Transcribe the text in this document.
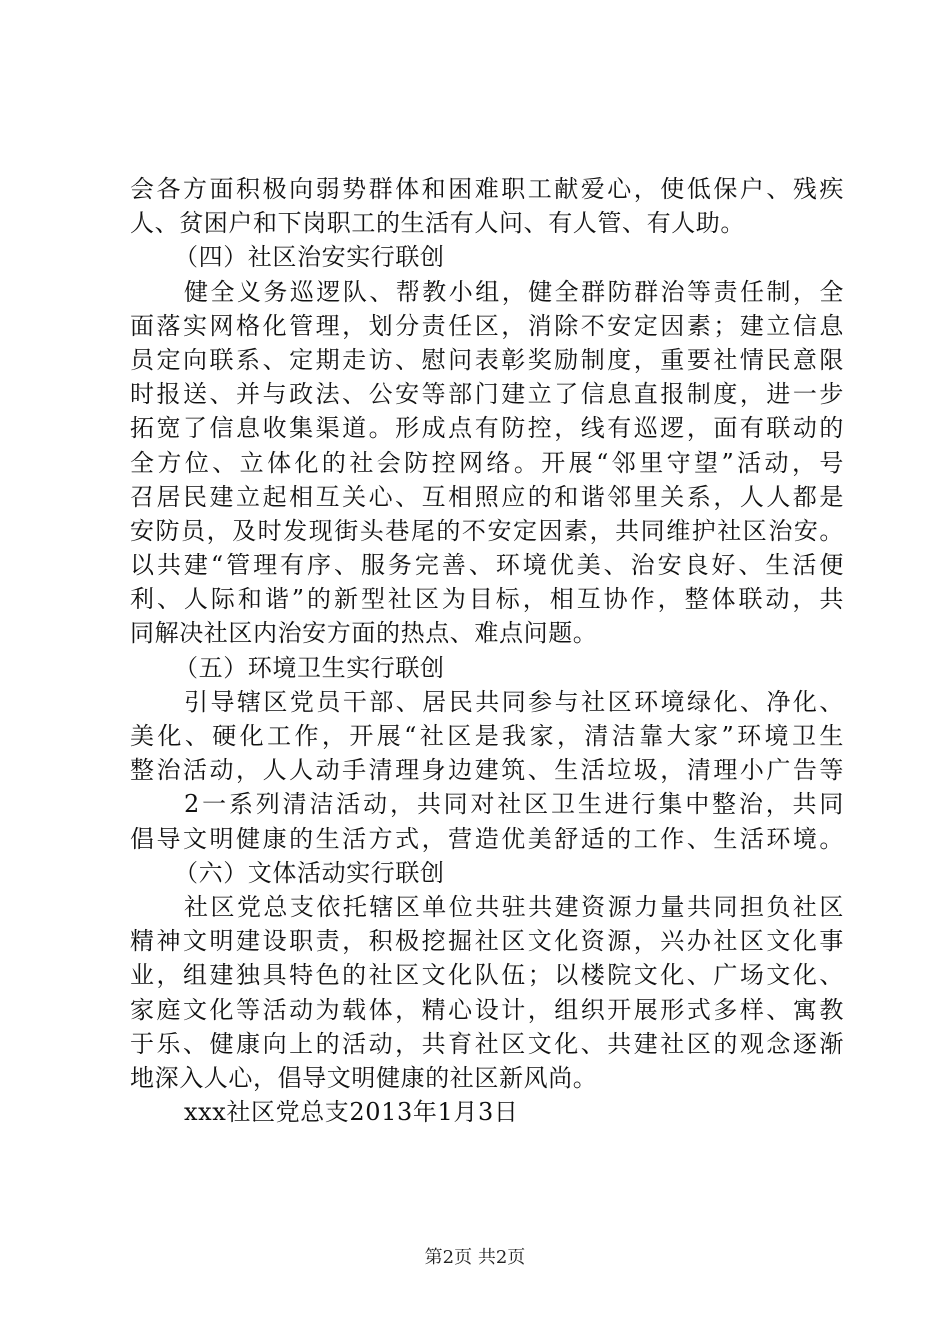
会各方面积极向弱势群体和困难职工献爱心，使低保户、残疾
人、贫困户和下岗职工的生活有人问、有人管、有人助。
（四）社区治安实行联创
健全义务巡逻队、帮教小组，健全群防群治等责任制，全
面落实网格化管理，划分责任区，消除不安定因素；建立信息
员定向联系、定期走访、慰问表彰奖励制度，重要社情民意限
时报送、并与政法、公安等部门建立了信息直报制度，进一步
拓宽了信息收集渠道。形成点有防控，线有巡逻，面有联动的
全方位、立体化的社会防控网络。开展“邻里守望”活动，号
召居民建立起相互关心、互相照应的和谐邻里关系，人人都是
安防员，及时发现街头巷尾的不安定因素，共同维护社区治安。
以共建“管理有序、服务完善、环境优美、治安良好、生活便
利、人际和谐”的新型社区为目标，相互协作，整体联动，共
同解决社区内治安方面的热点、难点问题。
（五）环境卫生实行联创
引导辖区党员干部、居民共同参与社区环境绿化、净化、
美化、硬化工作，开展“社区是我家，清洁靠大家”环境卫生
整治活动，人人动手清理身边建筑、生活垃圾，清理小广告等
2一系列清洁活动，共同对社区卫生进行集中整治，共同
倡导文明健康的生活方式，营造优美舒适的工作、生活环境。
（六）文体活动实行联创
社区党总支依托辖区单位共驻共建资源力量共同担负社区
精神文明建设职责，积极挖掘社区文化资源，兴办社区文化事
业，组建独具特色的社区文化队伍；以楼院文化、广场文化、
家庭文化等活动为载体，精心设计，组织开展形式多样、寓教
于乐、健康向上的活动，共育社区文化、共建社区的观念逐渐
地深入人心，倡导文明健康的社区新风尚。
xxx社区党总支2013年1月3日
第2页 共2页
